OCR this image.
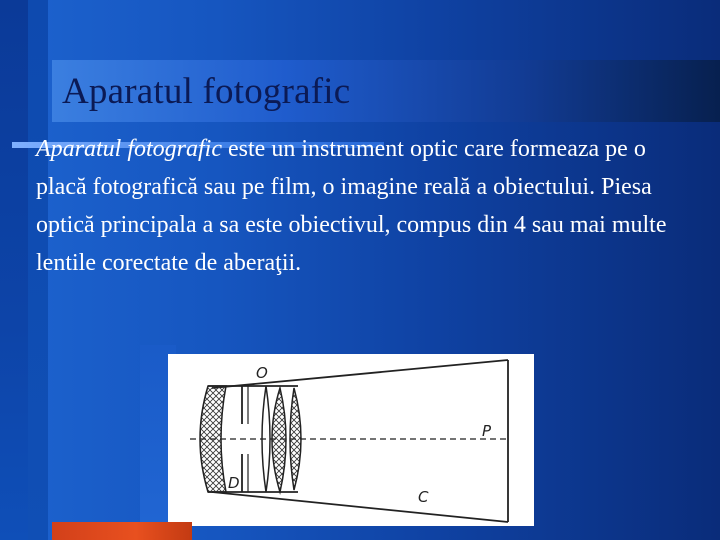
Aparatul fotografic

Aparatul fotografic este un instrument optic care formeaza pe o placă fotografică sau pe film, o imagine reală a obiectului. Piesa optică principala a sa este obiectivul, compus din 4 sau mai multe lentile corectate de aberaţii.

O
D
P
C
